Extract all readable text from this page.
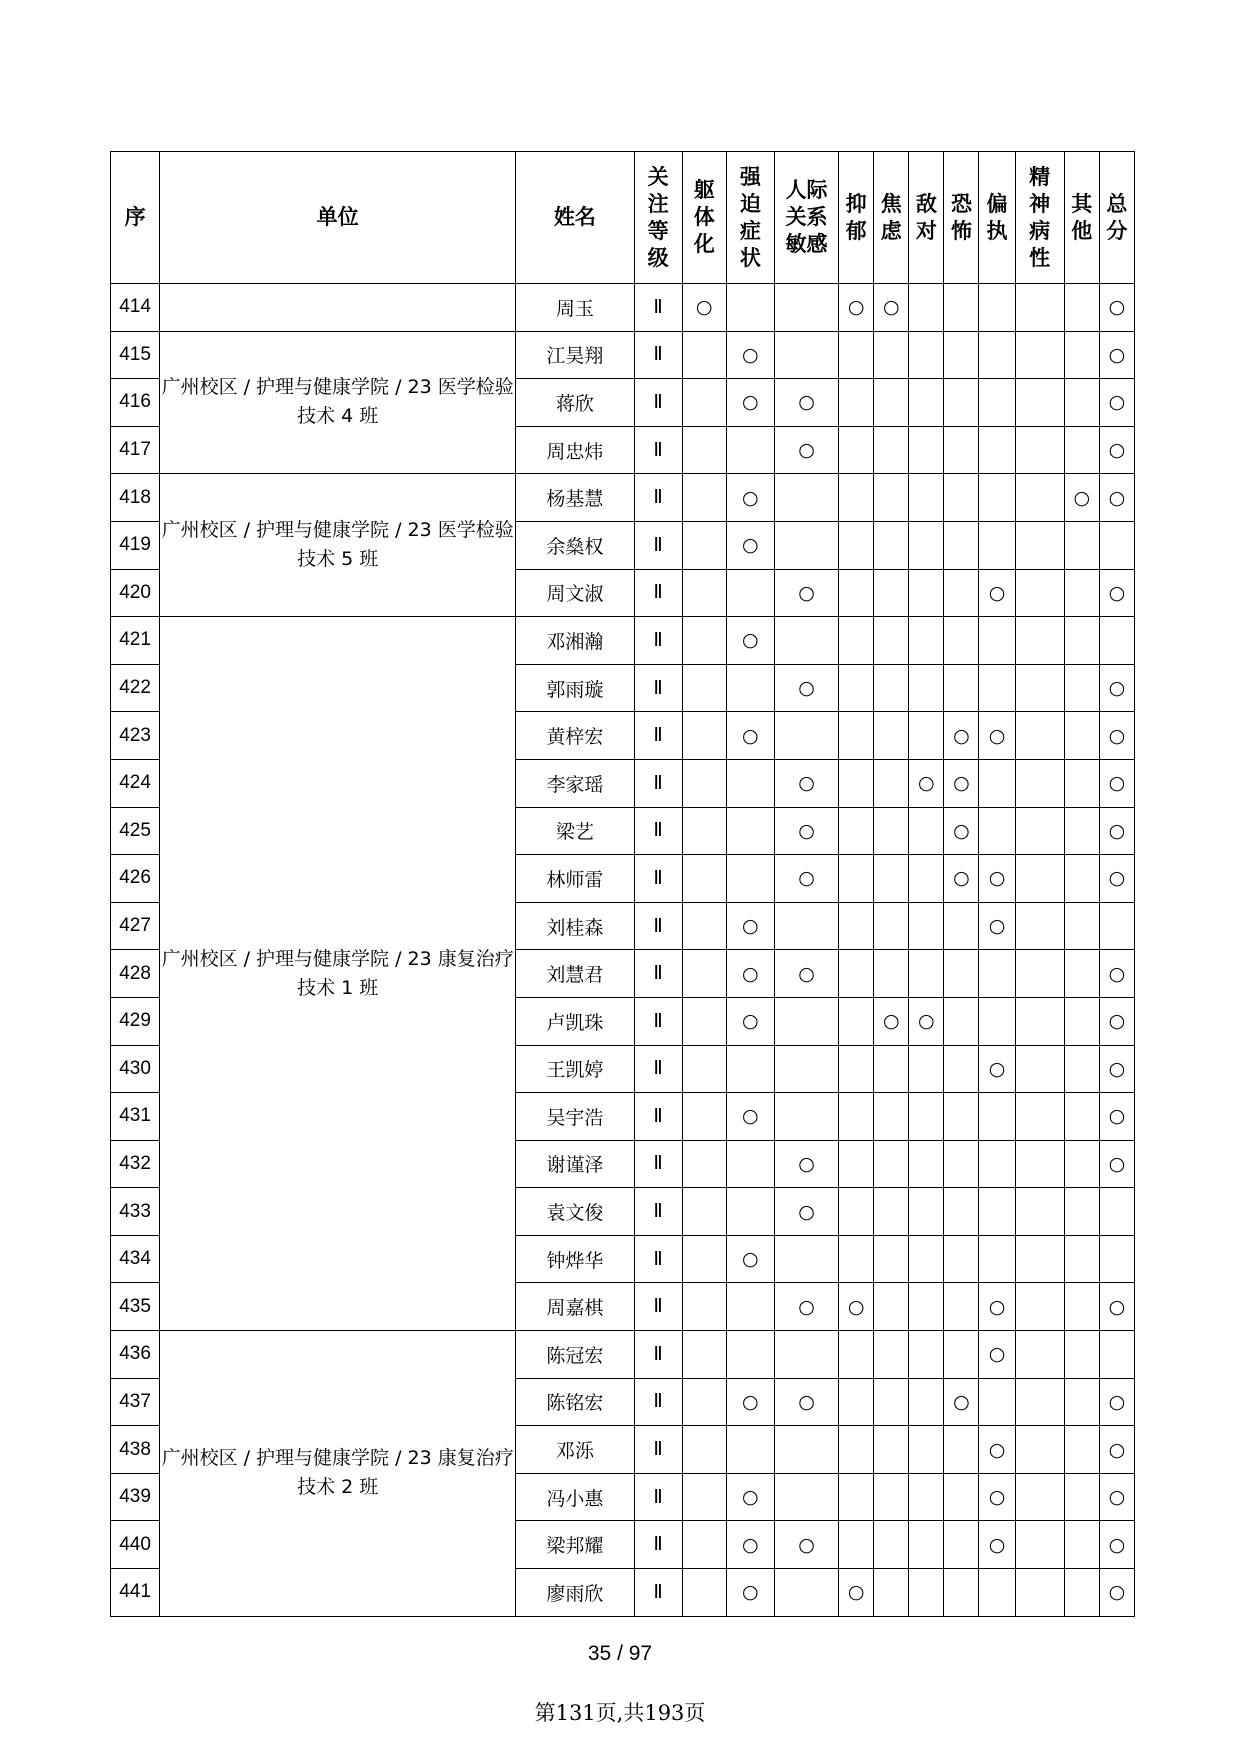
序	单位	姓名	关注等级	躯体化	强迫症状	人际关系敏感	抑郁	焦虑	敌对	恐怖	偏执	精神病性	其他	总分
414		周玉	Ⅱ	○			○	○						○
415	广州校区 / 护理与健康学院 / 23 医学检验技术 4 班	江昊翔	Ⅱ		○									○
416		蒋欣	Ⅱ		○	○								○
417		周忠炜	Ⅱ			○								○
418	广州校区 / 护理与健康学院 / 23 医学检验技术 5 班	杨基慧	Ⅱ		○								○	○
419		余燊权	Ⅱ		○									
420		周文淑	Ⅱ			○					○			○
421	广州校区 / 护理与健康学院 / 23 康复治疗技术 1 班	邓湘瀚	Ⅱ		○									
422		郭雨璇	Ⅱ			○								○
423		黄梓宏	Ⅱ		○					○	○			○
424		李家瑶	Ⅱ			○			○	○				○
425		梁艺	Ⅱ			○				○				○
426		林师雷	Ⅱ			○				○	○			○
427		刘桂森	Ⅱ		○						○			
428		刘慧君	Ⅱ		○	○								○
429		卢凯珠	Ⅱ		○			○	○					○
430		王凯婷	Ⅱ								○			○
431		吴宇浩	Ⅱ		○									○
432		谢谨泽	Ⅱ			○								○
433		袁文俊	Ⅱ			○								
434		钟烨华	Ⅱ		○									
435		周嘉棋	Ⅱ			○	○				○			○
436	广州校区 / 护理与健康学院 / 23 康复治疗技术 2 班	陈冠宏	Ⅱ								○			
437		陈铭宏	Ⅱ		○	○				○				○
438		邓泺	Ⅱ								○			○
439		冯小惠	Ⅱ		○						○			○
440		梁邦耀	Ⅱ		○	○					○			○
441		廖雨欣	Ⅱ		○		○							○
35 / 97
第131页,共193页
